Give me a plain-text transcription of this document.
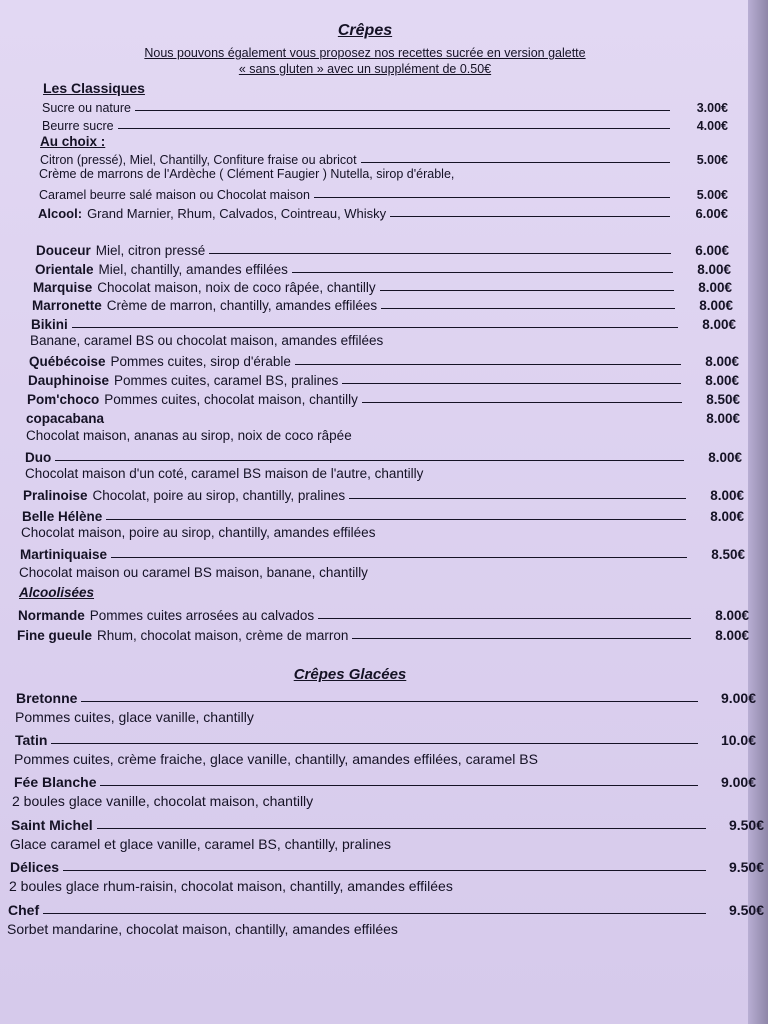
Crêpes
Nous pouvons également vous proposez nos recettes sucrée en version galette
« sans gluten » avec un supplément de 0.50€
Les Classiques
Sucre ou nature	3.00€
Beurre sucre	4.00€
Au choix :
Citron (pressé), Miel, Chantilly, Confiture fraise ou abricot	5.00€
Crème de marrons de l'Ardèche ( Clément Faugier ) Nutella, sirop d'érable,
Caramel beurre salé maison ou Chocolat maison	5.00€
Alcool: Grand Marnier, Rhum, Calvados, Cointreau, Whisky	6.00€
Douceur Miel, citron pressé	6.00€
Orientale Miel, chantilly, amandes effilées	8.00€
Marquise Chocolat maison, noix de coco râpée, chantilly	8.00€
Marronette Crème de marron, chantilly, amandes effilées	8.00€
Bikini	8.00€
Banane, caramel BS ou chocolat maison, amandes effilées
Québécoise Pommes cuites, sirop d'érable	8.00€
Dauphinoise Pommes cuites, caramel BS, pralines	8.00€
Pom'choco Pommes cuites, chocolat maison, chantilly	8.50€
copacabana	8.00€
Chocolat maison, ananas au sirop, noix de coco râpée
Duo	8.00€
Chocolat maison d'un coté, caramel BS maison de l'autre, chantilly
Pralinoise Chocolat, poire au sirop, chantilly, pralines	8.00€
Belle Hélène	8.00€
Chocolat maison, poire au sirop, chantilly, amandes effilées
Martiniquaise	8.50€
Chocolat maison ou caramel BS maison, banane, chantilly
Alcoolisées
Normande Pommes cuites arrosées au calvados	8.00€
Fine gueule Rhum, chocolat maison, crème de marron	8.00€
Crêpes Glacées
Bretonne	9.00€
Pommes cuites, glace vanille, chantilly
Tatin	10.0€
Pommes cuites, crème fraiche, glace vanille, chantilly, amandes effilées, caramel BS
Fée Blanche	9.00€
2 boules glace vanille, chocolat maison, chantilly
Saint Michel	9.50€
Glace caramel et glace vanille, caramel BS, chantilly, pralines
Délices	9.50€
2 boules glace rhum-raisin, chocolat maison, chantilly, amandes effilées
Chef	9.50€
Sorbet mandarine, chocolat maison, chantilly, amandes effilées
